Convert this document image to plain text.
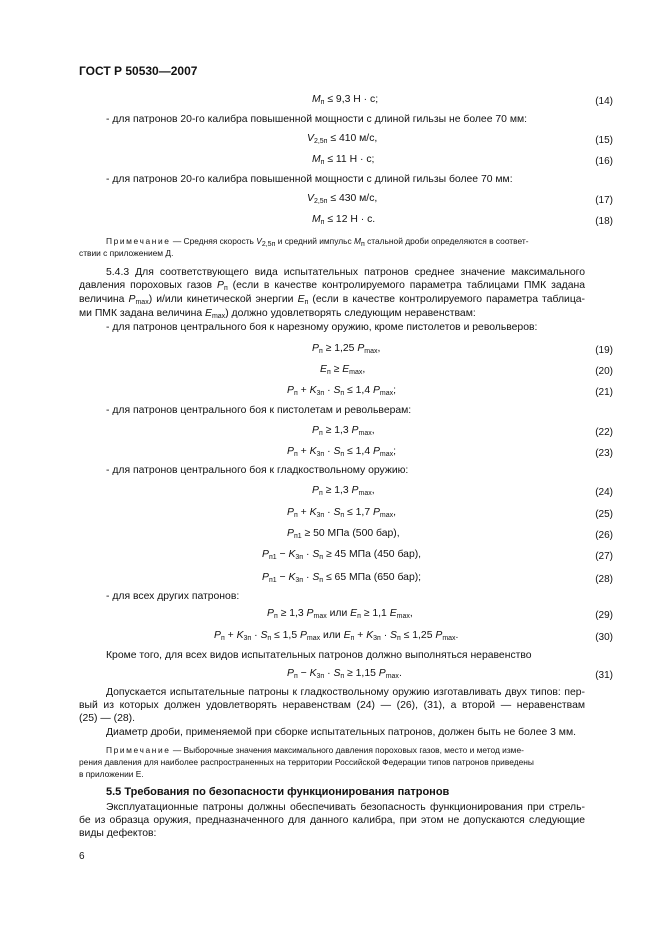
ГОСТ Р 50530—2007
$M_п \le 9,3$ Н · с;	(14)
- для патронов 20-го калибра повышенной мощности с длиной гильзы не более 70 мм:
$V_{2,5п} \le 410$ м/с,	(15)
$M_п \le 11$ Н · с;	(16)
- для патронов 20-го калибра повышенной мощности с длиной гильзы более 70 мм:
$V_{2,5п} \le 430$ м/с,	(17)
$M_п \le 12$ Н · с.	(18)
Примечание — Средняя скорость $V_{2,5п}$ и средний импульс $M_п$ стальной дроби определяются в соответ-
ствии с приложением Д.
5.4.3 Для соответствующего вида испытательных патронов среднее значение максимального
давления пороховых газов $P_п$ (если в качестве контролируемого параметра таблицами ПМК задана
величина $P_{max}$) и/или кинетической энергии $E_п$ (если в качестве контролируемого параметра таблица-
ми ПМК задана величина $E_{max}$) должно удовлетворять следующим неравенствам:
- для патронов центрального боя к нарезному оружию, кроме пистолетов и револьверов:
$P_п \ge 1,25$ $P_{max}$,	(19)
$E_п \ge E_{max}$,	(20)
$P_п + K_{3п} \cdot S_п \le 1,4$ $P_{max}$;	(21)
- для патронов центрального боя к пистолетам и револьверам:
$P_п \ge 1,3$ $P_{max}$,	(22)
$P_п + K_{3п} \cdot S_п \le 1,4$ $P_{max}$;	(23)
- для патронов центрального боя к гладкоствольному оружию:
$P_п \ge 1,3$ $P_{max}$,	(24)
$P_п + K_{3п} \cdot S_п \le 1,7$ $P_{max}$,	(25)
$P_{п1} \ge 50$ МПа (500 бар),	(26)
$P_{п1} - K_{3п} \cdot S_п \ge 45$ МПа (450 бар),	(27)
$P_{п1} - K_{3п} \cdot S_п \le 65$ МПа (650 бар);	(28)
- для всех других патронов:
$P_п \ge 1,3$ $P_{max}$ или $E_п \ge 1,1$ $E_{max}$,	(29)
$P_п + K_{3п} \cdot S_п \le 1,5$ $P_{max}$ или $E_п + K_{3п} \cdot S_п \le 1,25$ $P_{max}$.	(30)
Кроме того, для всех видов испытательных патронов должно выполняться неравенство
$P_п - K_{3п} \cdot S_п \ge 1,15$ $P_{max}$.	(31)
Допускается испытательные патроны к гладкоствольному оружию изготавливать двух типов: пер-
вый из которых должен удовлетворять неравенствам (24) — (26), (31), а второй — неравенствам
(25) — (28).
Диаметр дроби, применяемой при сборке испытательных патронов, должен быть не более 3 мм.
Примечание — Выборочные значения максимального давления пороховых газов, место и метод изме-
рения давления для наиболее распространенных на территории Российской Федерации типов патронов приведены
в приложении Е.
5.5 Требования по безопасности функционирования патронов
Эксплуатационные патроны должны обеспечивать безопасность функционирования при стрель-
бе из образца оружия, предназначенного для данного калибра, при этом не допускаются следующие
виды дефектов:
6
